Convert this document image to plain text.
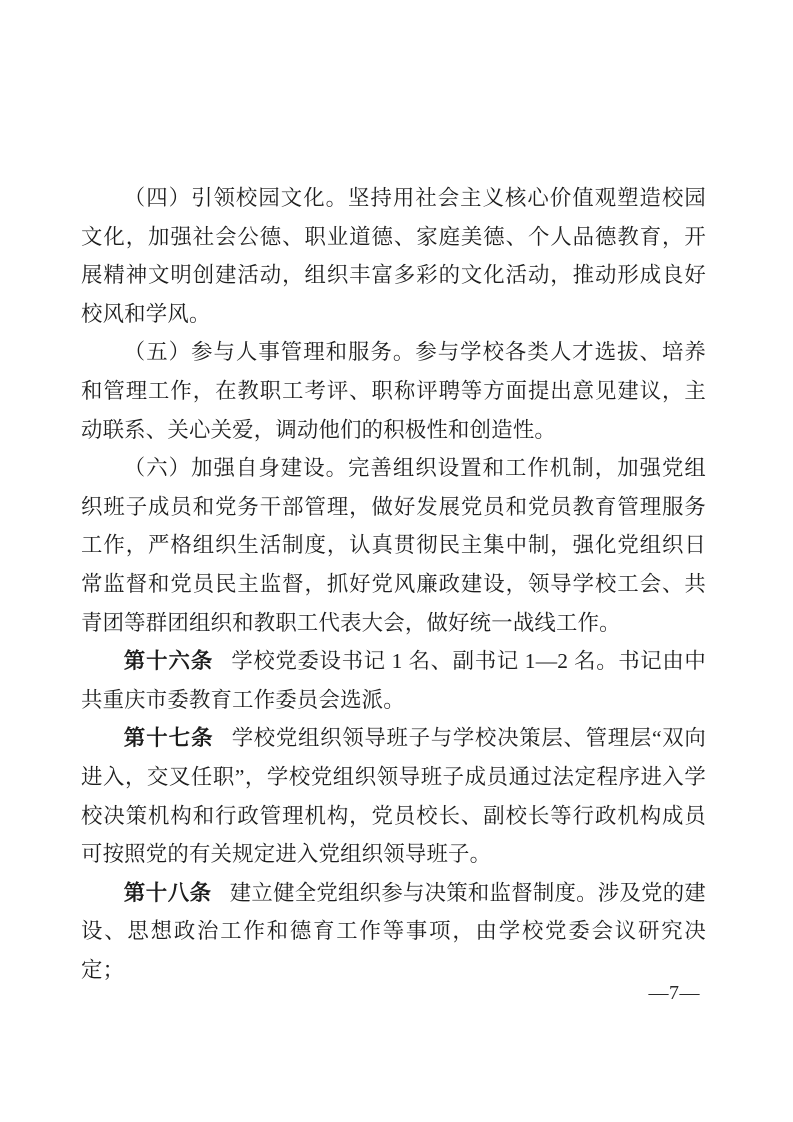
（四）引领校园文化。坚持用社会主义核心价值观塑造校园文化，加强社会公德、职业道德、家庭美德、个人品德教育，开展精神文明创建活动，组织丰富多彩的文化活动，推动形成良好校风和学风。

（五）参与人事管理和服务。参与学校各类人才选拔、培养和管理工作，在教职工考评、职称评聘等方面提出意见建议，主动联系、关心关爱，调动他们的积极性和创造性。

（六）加强自身建设。完善组织设置和工作机制，加强党组织班子成员和党务干部管理，做好发展党员和党员教育管理服务工作，严格组织生活制度，认真贯彻民主集中制，强化党组织日常监督和党员民主监督，抓好党风廉政建设，领导学校工会、共青团等群团组织和教职工代表大会，做好统一战线工作。

第十六条 学校党委设书记 1 名、副书记 1—2 名。书记由中共重庆市委教育工作委员会选派。

第十七条 学校党组织领导班子与学校决策层、管理层“双向进入，交叉任职”，学校党组织领导班子成员通过法定程序进入学校决策机构和行政管理机构，党员校长、副校长等行政机构成员可按照党的有关规定进入党组织领导班子。

第十八条 建立健全党组织参与决策和监督制度。涉及党的建设、思想政治工作和德育工作等事项，由学校党委会议研究决定；

—7—
